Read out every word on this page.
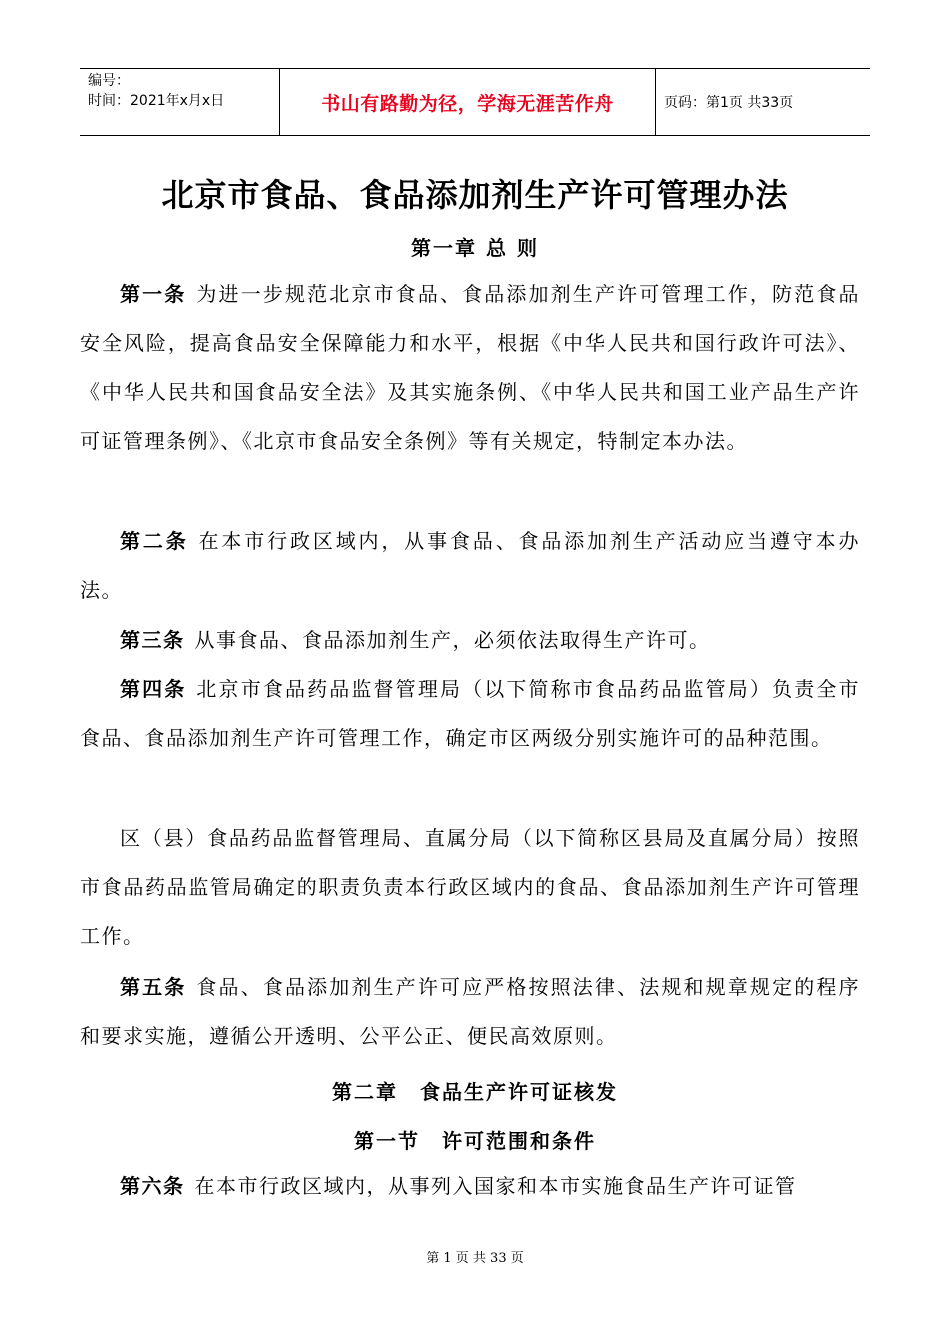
编号：
时间：2021年x月x日	书山有路勤为径，学海无涯苦作舟	页码：第1页 共33页
北京市食品、食品添加剂生产许可管理办法
第一章 总 则
第一条 为进一步规范北京市食品、食品添加剂生产许可管理工作，防范食品安全风险，提高食品安全保障能力和水平，根据《中华人民共和国行政许可法》、《中华人民共和国食品安全法》及其实施条例、《中华人民共和国工业产品生产许可证管理条例》、《北京市食品安全条例》等有关规定，特制定本办法。
第二条 在本市行政区域内，从事食品、食品添加剂生产活动应当遵守本办法。
第三条 从事食品、食品添加剂生产，必须依法取得生产许可。
第四条 北京市食品药品监督管理局（以下简称市食品药品监管局）负责全市食品、食品添加剂生产许可管理工作，确定市区两级分别实施许可的品种范围。
区（县）食品药品监督管理局、直属分局（以下简称区县局及直属分局）按照市食品药品监管局确定的职责负责本行政区域内的食品、食品添加剂生产许可管理工作。
第五条 食品、食品添加剂生产许可应严格按照法律、法规和规章规定的程序和要求实施，遵循公开透明、公平公正、便民高效原则。
第二章　食品生产许可证核发
第一节　许可范围和条件
第六条 在本市行政区域内，从事列入国家和本市实施食品生产许可证管
第 1 页 共 33 页
